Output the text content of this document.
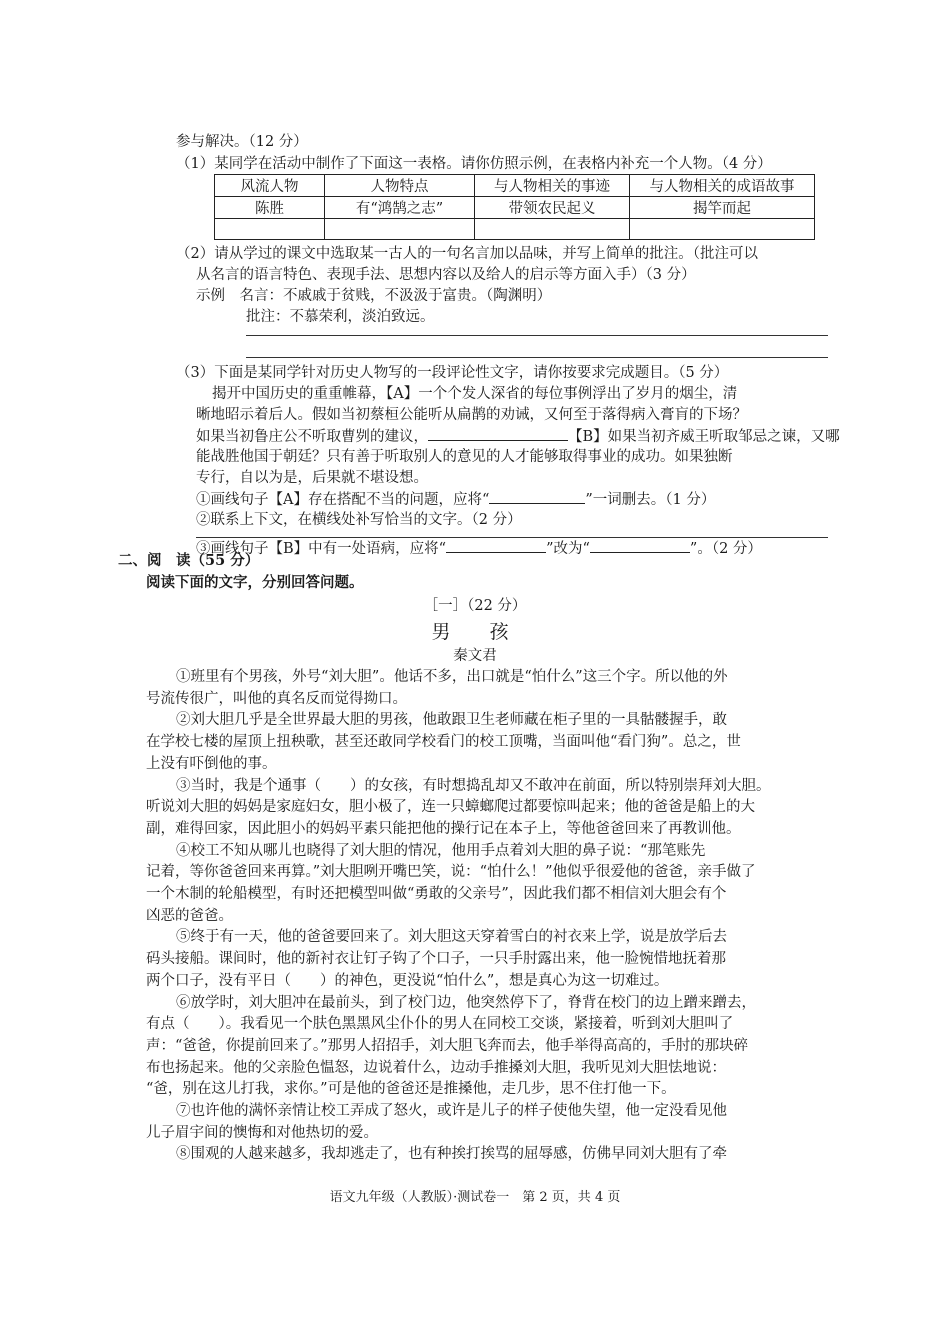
参与解决。（12 分）
（1）某同学在活动中制作了下面这一表格。请你仿照示例，在表格内补充一个人物。（4 分）
风流人物	人物特点	与人物相关的事迹	与人物相关的成语故事
陈胜	有“鸿鹄之志”	带领农民起义	揭竿而起

（2）请从学过的课文中选取某一古人的一句名言加以品味，并写上简单的批注。（批注可以
从名言的语言特色、表现手法、思想内容以及给人的启示等方面入手）（3 分）
示例　名言：不戚戚于贫贱，不汲汲于富贵。（陶渊明）
批注：不慕荣利，淡泊致远。
（3）下面是某同学针对历史人物写的一段评论性文字，请你按要求完成题目。（5 分）
揭开中国历史的重重帷幕，【A】一个个发人深省的每位事例浮出了岁月的烟尘，清
晰地昭示着后人。假如当初蔡桓公能听从扁鹊的劝诫，又何至于落得病入膏肓的下场？
如果当初鲁庄公不听取曹刿的建议，	【B】如果当初齐威王听取邹忌之谏，又哪
能战胜他国于朝廷？只有善于听取别人的意见的人才能够取得事业的成功。如果独断
专行，自以为是，后果就不堪设想。
①画线句子【A】存在搭配不当的问题，应将“	”一词删去。（1 分）
②联系上下文，在横线处补写恰当的文字。（2 分）
③画线句子【B】中有一处语病，应将“	”改为“	”。（2 分）
二、阅　读（55 分）
阅读下面的文字，分别回答问题。
［一］（22 分）
男　孩
秦文君
①班里有个男孩，外号“刘大胆”。他话不多，出口就是“怕什么”这三个字。所以他的外
号流传很广，叫他的真名反而觉得拗口。
②刘大胆几乎是全世界最大胆的男孩，他敢跟卫生老师藏在柜子里的一具骷髅握手，敢
在学校七楼的屋顶上扭秧歌，甚至还敢同学校看门的校工顶嘴，当面叫他“看门狗”。总之，世
上没有吓倒他的事。
③当时，我是个通事（　　）的女孩，有时想捣乱却又不敢冲在前面，所以特别崇拜刘大胆。
听说刘大胆的妈妈是家庭妇女，胆小极了，连一只蟑螂爬过都要惊叫起来；他的爸爸是船上的大
副，难得回家，因此胆小的妈妈平素只能把他的操行记在本子上，等他爸爸回来了再教训他。
④校工不知从哪儿也晓得了刘大胆的情况，他用手点着刘大胆的鼻子说：“那笔账先
记着，等你爸爸回来再算。”刘大胆咧开嘴巴笑，说：“怕什么！”他似乎很爱他的爸爸，亲手做了
一个木制的轮船模型，有时还把模型叫做“勇敢的父亲号”，因此我们都不相信刘大胆会有个
凶恶的爸爸。
⑤终于有一天，他的爸爸要回来了。刘大胆这天穿着雪白的衬衣来上学，说是放学后去
码头接船。课间时，他的新衬衣让钉子钩了个口子，一只手肘露出来，他一脸惋惜地抚着那
两个口子，没有平日（　　）的神色，更没说“怕什么”，想是真心为这一切难过。
⑥放学时，刘大胆冲在最前头，到了校门边，他突然停下了，脊背在校门的边上蹭来蹭去，
有点（　　）。我看见一个肤色黑黑风尘仆仆的男人在同校工交谈，紧接着，听到刘大胆叫了
声：“爸爸，你提前回来了。”那男人招招手，刘大胆飞奔而去，他手举得高高的，手肘的那块碎
布也扬起来。他的父亲脸色愠怒，边说着什么，边动手推搡刘大胆，我听见刘大胆怯地说：
“爸，别在这儿打我，求你。”可是他的爸爸还是推搡他，走几步，思不住打他一下。
⑦也许他的满怀亲情让校工弄成了怒火，或许是儿子的样子使他失望，他一定没看见他
儿子眉宇间的懊悔和对他热切的爱。
⑧围观的人越来越多，我却逃走了，也有种挨打挨骂的屈辱感，仿佛早同刘大胆有了牵
语文九年级（人教版）·测试卷一　第 2 页，共 4 页
